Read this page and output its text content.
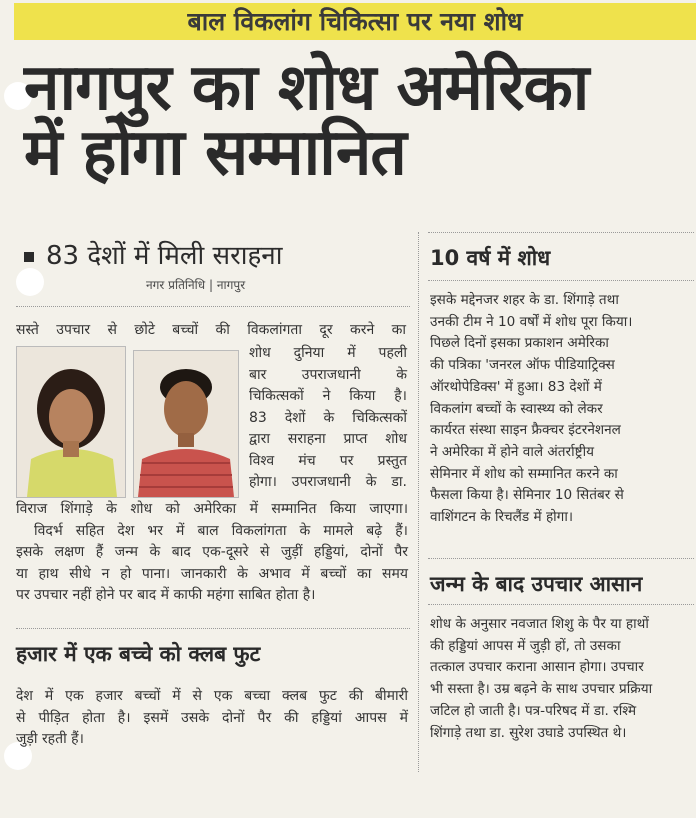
बाल विकलांग चिकित्सा पर नया शोध
नागपुर का शोध अमेरिका
में होगा सम्मानित
83 देशों में मिली सराहना
नगर प्रतिनिधि | नागपुर
सस्ते उपचार से छोटे बच्चों की विकलांगता दूर करने का
शोध दुनिया में पहली
बार उपराजधानी के
चिकित्सकों ने किया है।
83 देशों के चिकित्सकों
द्वारा सराहना प्राप्त शोध
विश्व मंच पर प्रस्तुत
होगा। उपराजधानी के डा.
विराज शिंगाड़े के शोध को अमेरिका में सम्मानित किया जाएगा।
विदर्भ सहित देश भर में बाल विकलांगता के मामले बढ़े हैं।
इसके लक्षण हैं जन्म के बाद एक-दूसरे से जुड़ीं हड्डियां, दोनों पैर
या हाथ सीधे न हो पाना। जानकारी के अभाव में बच्चों का समय
पर उपचार नहीं होने पर बाद में काफी महंगा साबित होता है।
हजार में एक बच्चे को क्लब फुट
देश में एक हजार बच्चों में से एक बच्चा क्लब फुट की बीमारी
से पीड़ित होता है। इसमें उसके दोनों पैर की हड्डियां आपस में
जुड़ी रहती हैं।
10 वर्ष में शोध
इसके मद्देनजर शहर के डा. शिंगाड़े तथा
उनकी टीम ने 10 वर्षों में शोध पूरा किया।
पिछले दिनों इसका प्रकाशन अमेरिका
की पत्रिका 'जनरल ऑफ पीडियाट्रिक्स
ऑरथोपेडिक्स' में हुआ। 83 देशों में
विकलांग बच्चों के स्वास्थ्य को लेकर
कार्यरत संस्था साइन फ्रैक्चर इंटरनेशनल
ने अमेरिका में होने वाले अंतर्राष्ट्रीय
सेमिनार में शोध को सम्मानित करने का
फैसला किया है। सेमिनार 10 सितंबर से
वाशिंगटन के रिचलैंड में होगा।
जन्म के बाद उपचार आसान
शोध के अनुसार नवजात शिशु के पैर या हाथों
की हड्डियां आपस में जुड़ी हों, तो उसका
तत्काल उपचार कराना आसान होगा। उपचार
भी सस्ता है। उम्र बढ़ने के साथ उपचार प्रक्रिया
जटिल हो जाती है। पत्र-परिषद में डा. रश्मि
शिंगाड़े तथा डा. सुरेश उघाडे उपस्थित थे।
